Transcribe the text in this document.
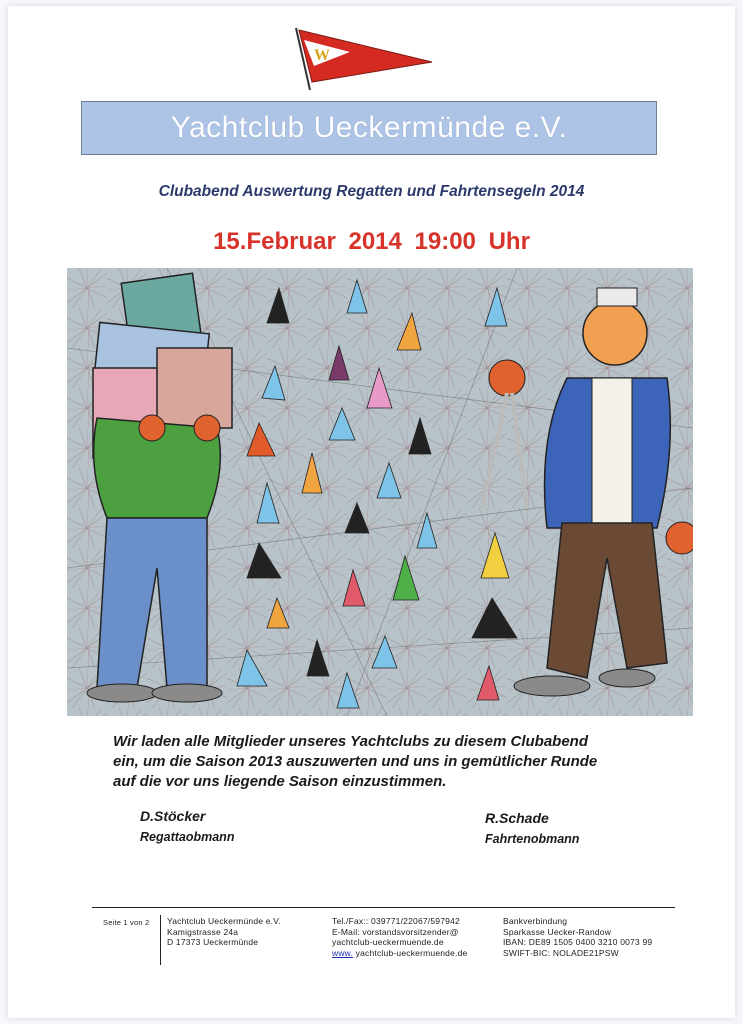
W
Yachtclub Ueckermünde e.V.
Clubabend Auswertung Regatten und Fahrtensegeln 2014
15.Februar 2014 19:00 Uhr
Wir laden alle Mitglieder unseres Yachtclubs zu diesem Clubabend
ein, um die Saison 2013 auszuwerten und uns in gemütlicher Runde
auf die vor uns liegende Saison einzustimmen.
D.Stöcker
Regattaobmann
R.Schade
Fahrtenobmann
Seite 1 von 2 Yachtclub Ueckermünde e.V.
Kamigstrasse 24a
D 17373 Ueckermünde
Tel./Fax:: 039771/22067/597942
E-Mail: vorstandsvorsitzender@
yachtclub-ueckermuende.de
www. yachtclub-ueckermuende.de
Bankverbindung
Sparkasse Uecker-Randow
IBAN: DE89 1505 0400 3210 0073 99
SWIFT-BIC: NOLADE21PSW
